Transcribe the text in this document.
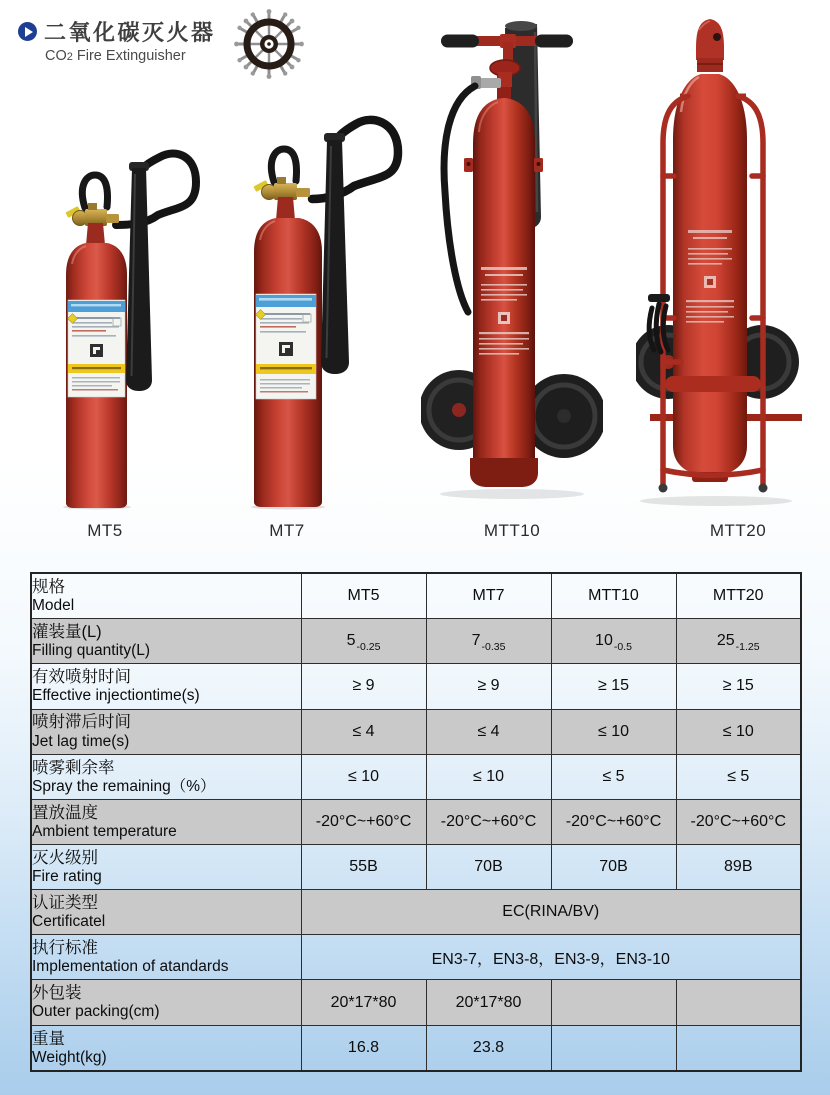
二氧化碳灭火器
CO2 Fire Extinguisher
MT5	MT7	MTT10	MTT20
规格
Model	MT5	MT7	MTT10	MTT20

灌装量(L)
Filling quantity(L)	$5_{-0.25}$	$7_{-0.35}$	$10_{-0.5}$	$25_{-1.25}$

有效喷射时间
Effective injectiontime(s)	≥ 9	≥ 9	≥ 15	≥ 15

喷射滞后时间
Jet lag time(s)	≤ 4	≤ 4	≤ 10	≤ 10

喷雾剩余率
Spray the remaining（%）	≤ 10	≤ 10	≤ 5	≤ 5

置放温度
Ambient temperature	-20°C~+60°C	-20°C~+60°C	-20°C~+60°C	-20°C~+60°C

灭火级别
Fire rating	55B	70B	70B	89B

认证类型
Certificatel	EC(RINA/BV)			

执行标准
Implementation of atandards	EN3-7，EN3-8，EN3-9，EN3-10			

外包装
Outer packing(cm)	20*17*80	20*17*80		

重量
Weight(kg)	16.8	23.8		
